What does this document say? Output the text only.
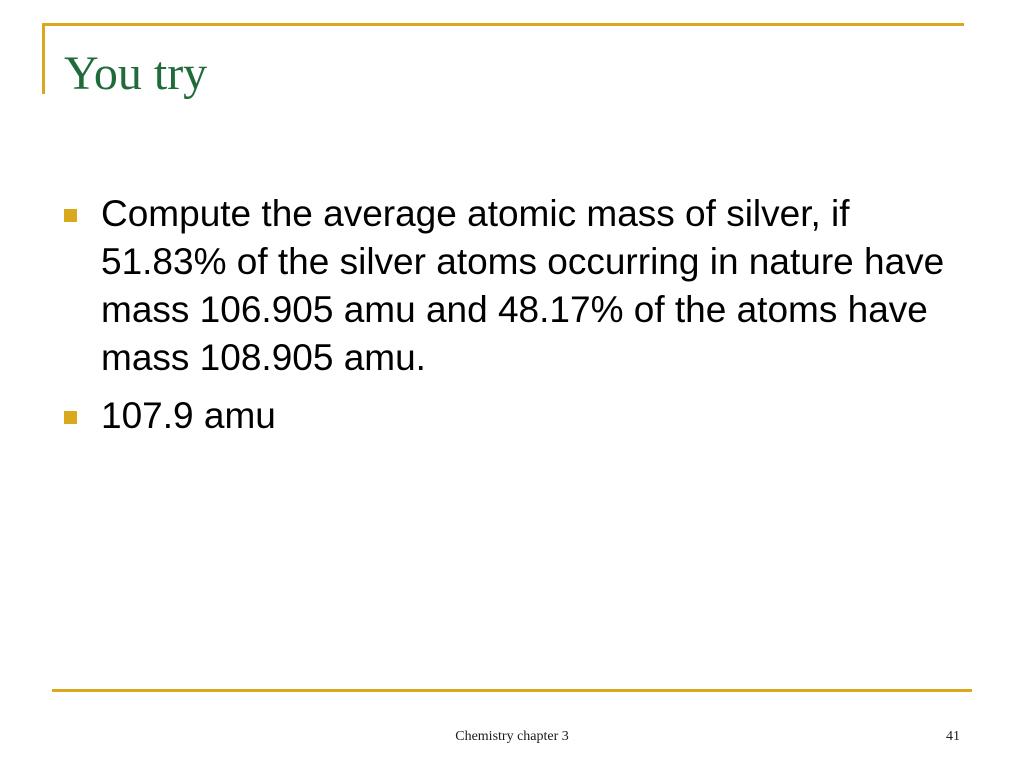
You try
Compute the average atomic mass of silver, if 51.83% of the silver atoms occurring in nature have mass 106.905 amu and 48.17% of the atoms have mass 108.905 amu.
107.9 amu
Chemistry chapter 3	41
